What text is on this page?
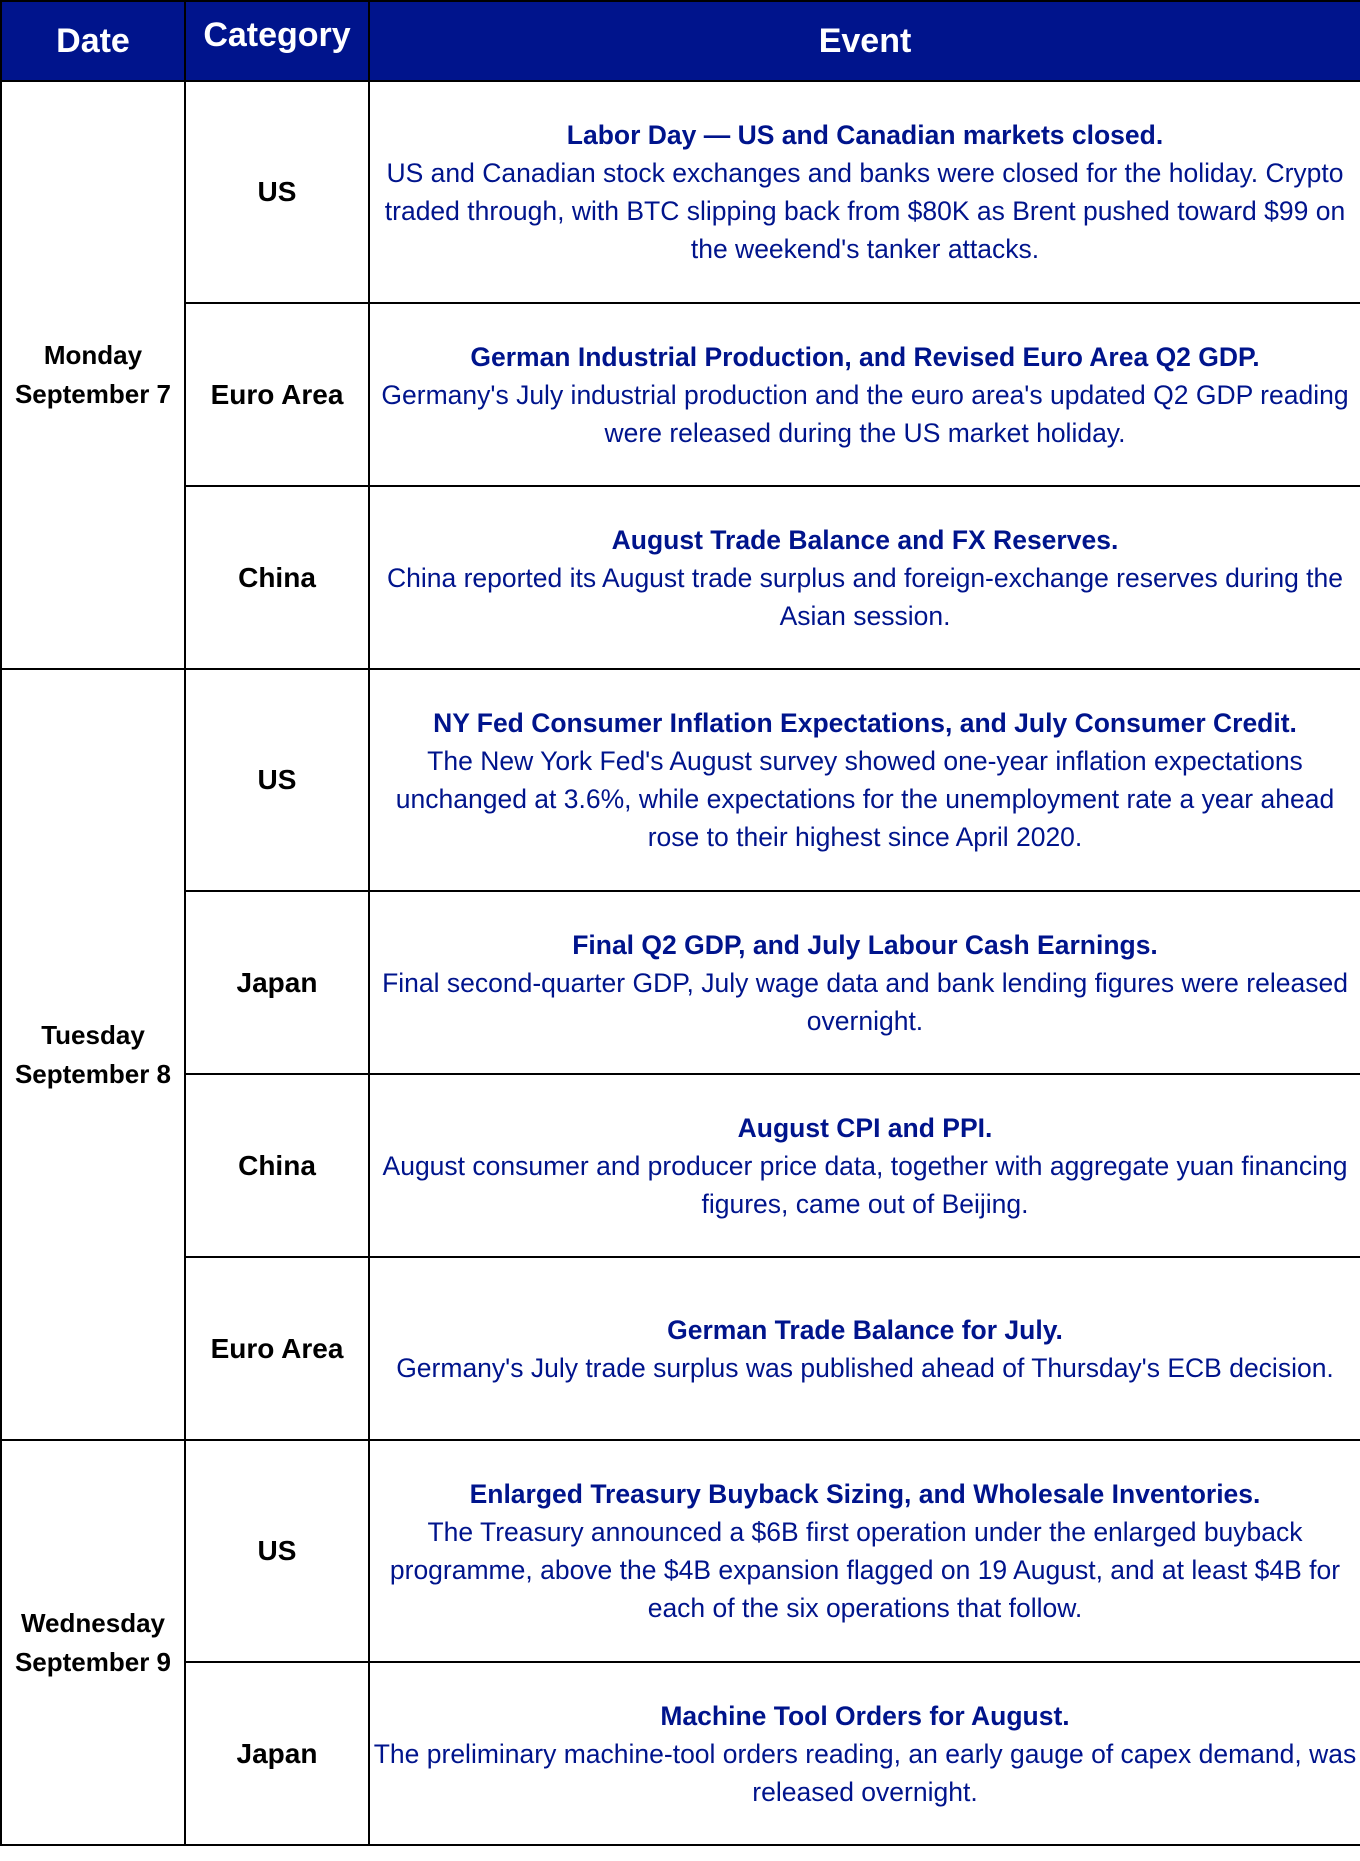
Date	Category	Event

Monday
September 7	US	Labor Day — US and Canadian markets closed.
US and Canadian stock exchanges and banks were closed for the holiday. Crypto traded through, with BTC slipping back from $80K as Brent pushed toward $99 on the weekend's tanker attacks.

	Euro Area	German Industrial Production, and Revised Euro Area Q2 GDP.
Germany's July industrial production and the euro area's updated Q2 GDP reading were released during the US market holiday.

	China	August Trade Balance and FX Reserves.
China reported its August trade surplus and foreign-exchange reserves during the Asian session.

Tuesday
September 8	US	NY Fed Consumer Inflation Expectations, and July Consumer Credit.
The New York Fed's August survey showed one-year inflation expectations unchanged at 3.6%, while expectations for the unemployment rate a year ahead rose to their highest since April 2020.

	Japan	Final Q2 GDP, and July Labour Cash Earnings.
Final second-quarter GDP, July wage data and bank lending figures were released overnight.

	China	August CPI and PPI.
August consumer and producer price data, together with aggregate yuan financing figures, came out of Beijing.

	Euro Area	German Trade Balance for July.
Germany's July trade surplus was published ahead of Thursday's ECB decision.

Wednesday
September 9	US	Enlarged Treasury Buyback Sizing, and Wholesale Inventories.
The Treasury announced a $6B first operation under the enlarged buyback programme, above the $4B expansion flagged on 19 August, and at least $4B for each of the six operations that follow.

	Japan	Machine Tool Orders for August.
The preliminary machine-tool orders reading, an early gauge of capex demand, was released overnight.
